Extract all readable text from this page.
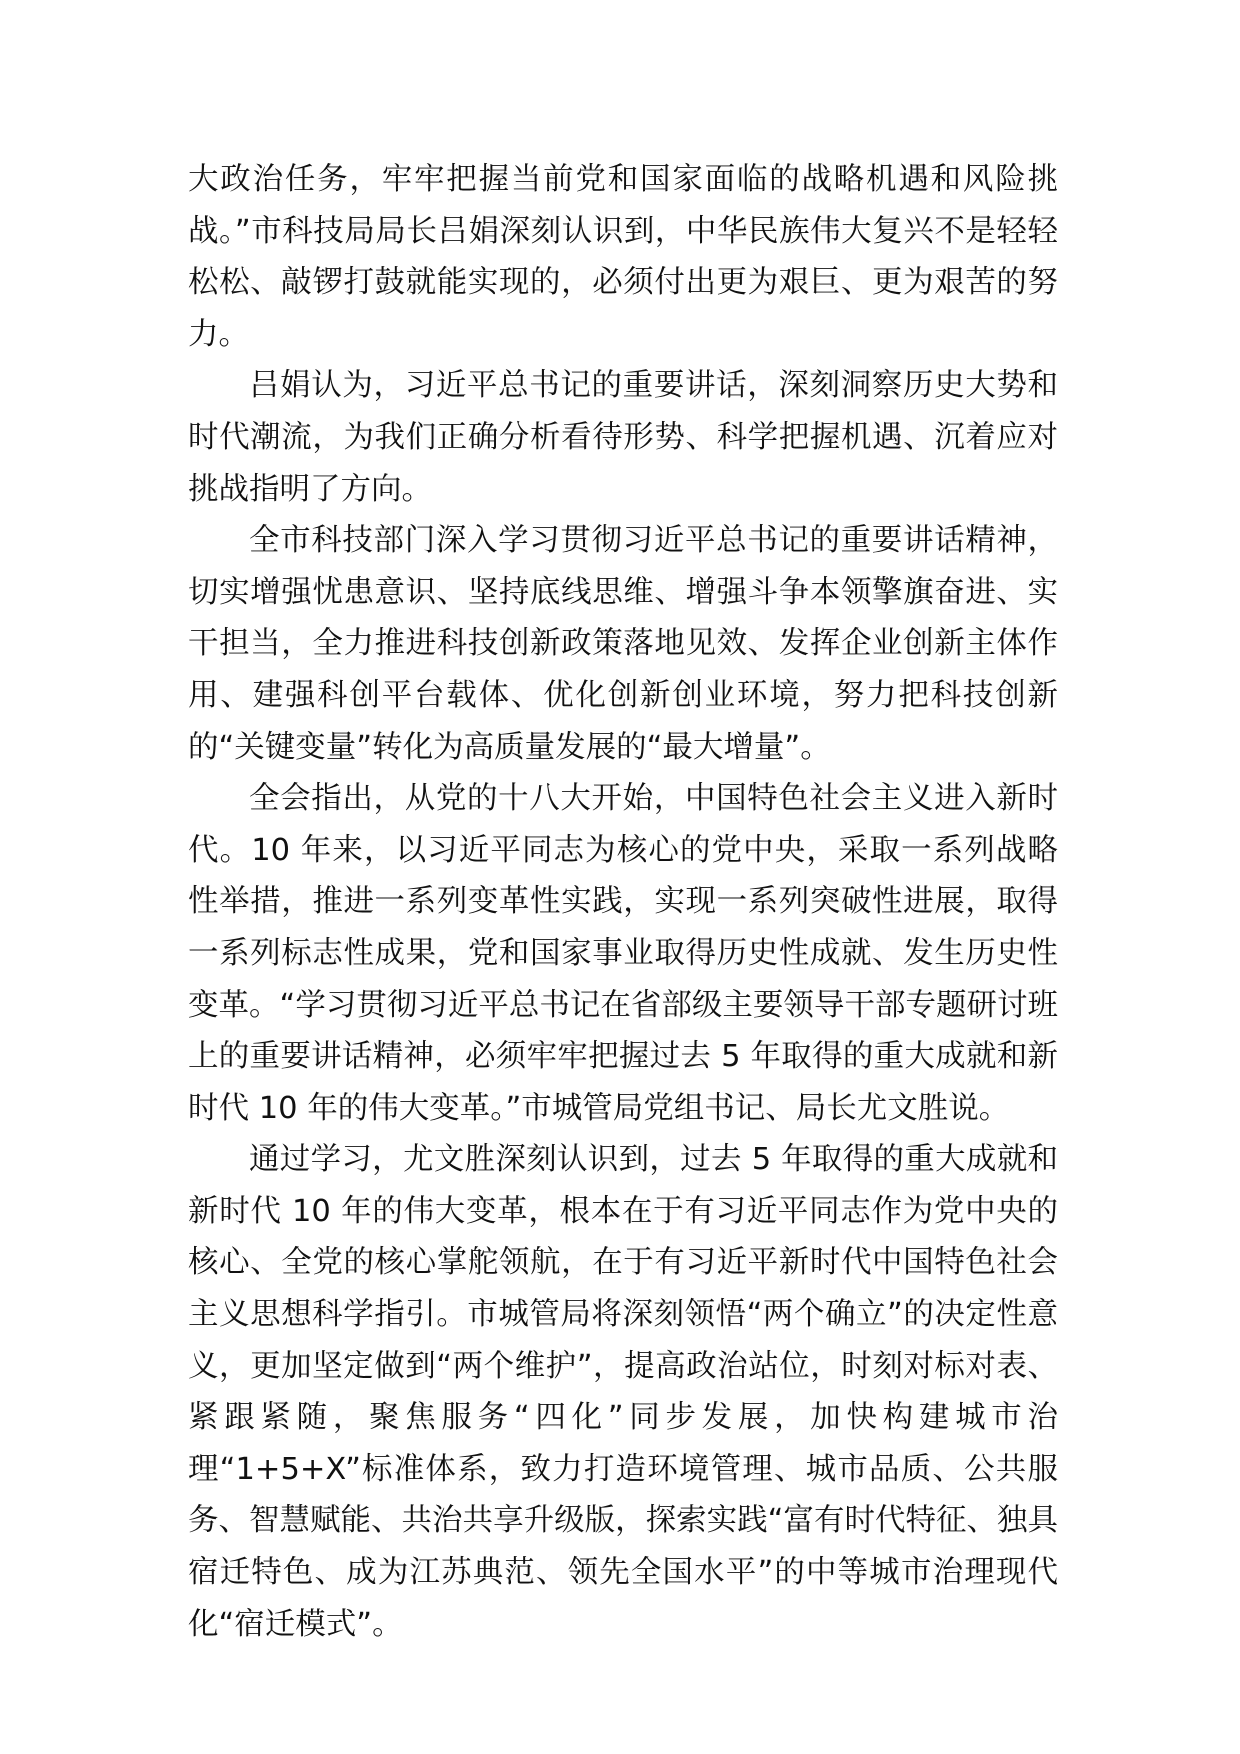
大政治任务，牢牢把握当前党和国家面临的战略机遇和风险挑战。”市科技局局长吕娟深刻认识到，中华民族伟大复兴不是轻轻松松、敲锣打鼓就能实现的，必须付出更为艰巨、更为艰苦的努力。

吕娟认为，习近平总书记的重要讲话，深刻洞察历史大势和时代潮流，为我们正确分析看待形势、科学把握机遇、沉着应对挑战指明了方向。

全市科技部门深入学习贯彻习近平总书记的重要讲话精神，切实增强忧患意识、坚持底线思维、增强斗争本领擎旗奋进、实干担当，全力推进科技创新政策落地见效、发挥企业创新主体作用、建强科创平台载体、优化创新创业环境，努力把科技创新的“关键变量”转化为高质量发展的“最大增量”。

全会指出，从党的十八大开始，中国特色社会主义进入新时代。10 年来，以习近平同志为核心的党中央，采取一系列战略性举措，推进一系列变革性实践，实现一系列突破性进展，取得一系列标志性成果，党和国家事业取得历史性成就、发生历史性变革。“学习贯彻习近平总书记在省部级主要领导干部专题研讨班上的重要讲话精神，必须牢牢把握过去 5 年取得的重大成就和新时代 10 年的伟大变革。”市城管局党组书记、局长尤文胜说。

通过学习，尤文胜深刻认识到，过去 5 年取得的重大成就和新时代 10 年的伟大变革，根本在于有习近平同志作为党中央的核心、全党的核心掌舵领航，在于有习近平新时代中国特色社会主义思想科学指引。市城管局将深刻领悟“两个确立”的决定性意义，更加坚定做到“两个维护”，提高政治站位，时刻对标对表、紧跟紧随，聚焦服务“四化”同步发展，加快构建城市治理“1+5+X”标准体系，致力打造环境管理、城市品质、公共服务、智慧赋能、共治共享升级版，探索实践“富有时代特征、独具宿迁特色、成为江苏典范、领先全国水平”的中等城市治理现代化“宿迁模式”。
